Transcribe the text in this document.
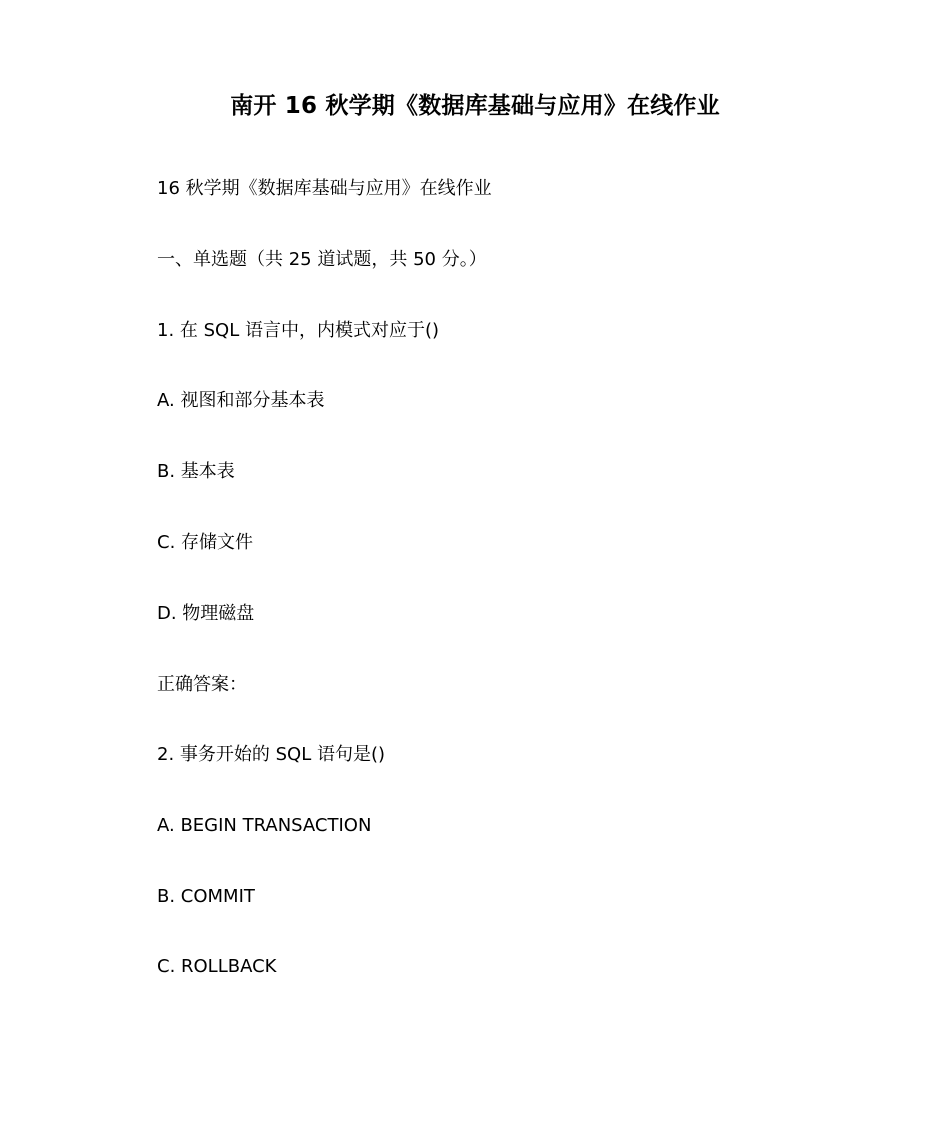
南开 16 秋学期《数据库基础与应用》在线作业
16 秋学期《数据库基础与应用》在线作业
一、单选题（共 25 道试题，共 50 分。）
1. 在 SQL 语言中，内模式对应于()
A. 视图和部分基本表
B. 基本表
C. 存储文件
D. 物理磁盘
正确答案：
2. 事务开始的 SQL 语句是()
A. BEGIN TRANSACTION
B. COMMIT
C. ROLLBACK
